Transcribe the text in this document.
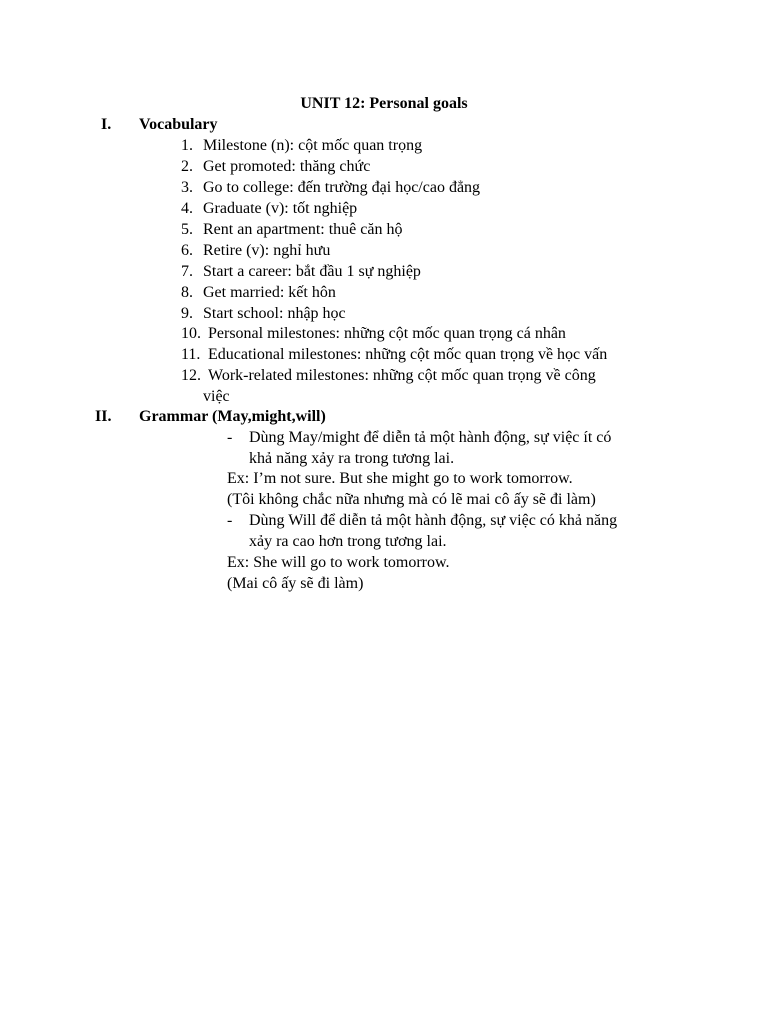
UNIT 12: Personal goals
I. Vocabulary
1. Milestone (n): cột mốc quan trọng
2. Get promoted: thăng chức
3. Go to college: đến trường đại học/cao đẳng
4. Graduate (v): tốt nghiệp
5. Rent an apartment: thuê căn hộ
6. Retire (v): nghỉ hưu
7. Start a career: bắt đầu 1 sự nghiệp
8. Get married: kết hôn
9. Start school: nhập học
10. Personal milestones: những cột mốc quan trọng cá nhân
11. Educational milestones: những cột mốc quan trọng về học vấn
12. Work-related milestones: những cột mốc quan trọng về công
việc
II. Grammar (May,might,will)
- Dùng May/might để diễn tả một hành động, sự việc ít có
khả năng xảy ra trong tương lai.
Ex: I’m not sure. But she might go to work tomorrow.
(Tôi không chắc nữa nhưng mà có lẽ mai cô ấy sẽ đi làm)
- Dùng Will để diễn tả một hành động, sự việc có khả năng
xảy ra cao hơn trong tương lai.
Ex: She will go to work tomorrow.
(Mai cô ấy sẽ đi làm)
